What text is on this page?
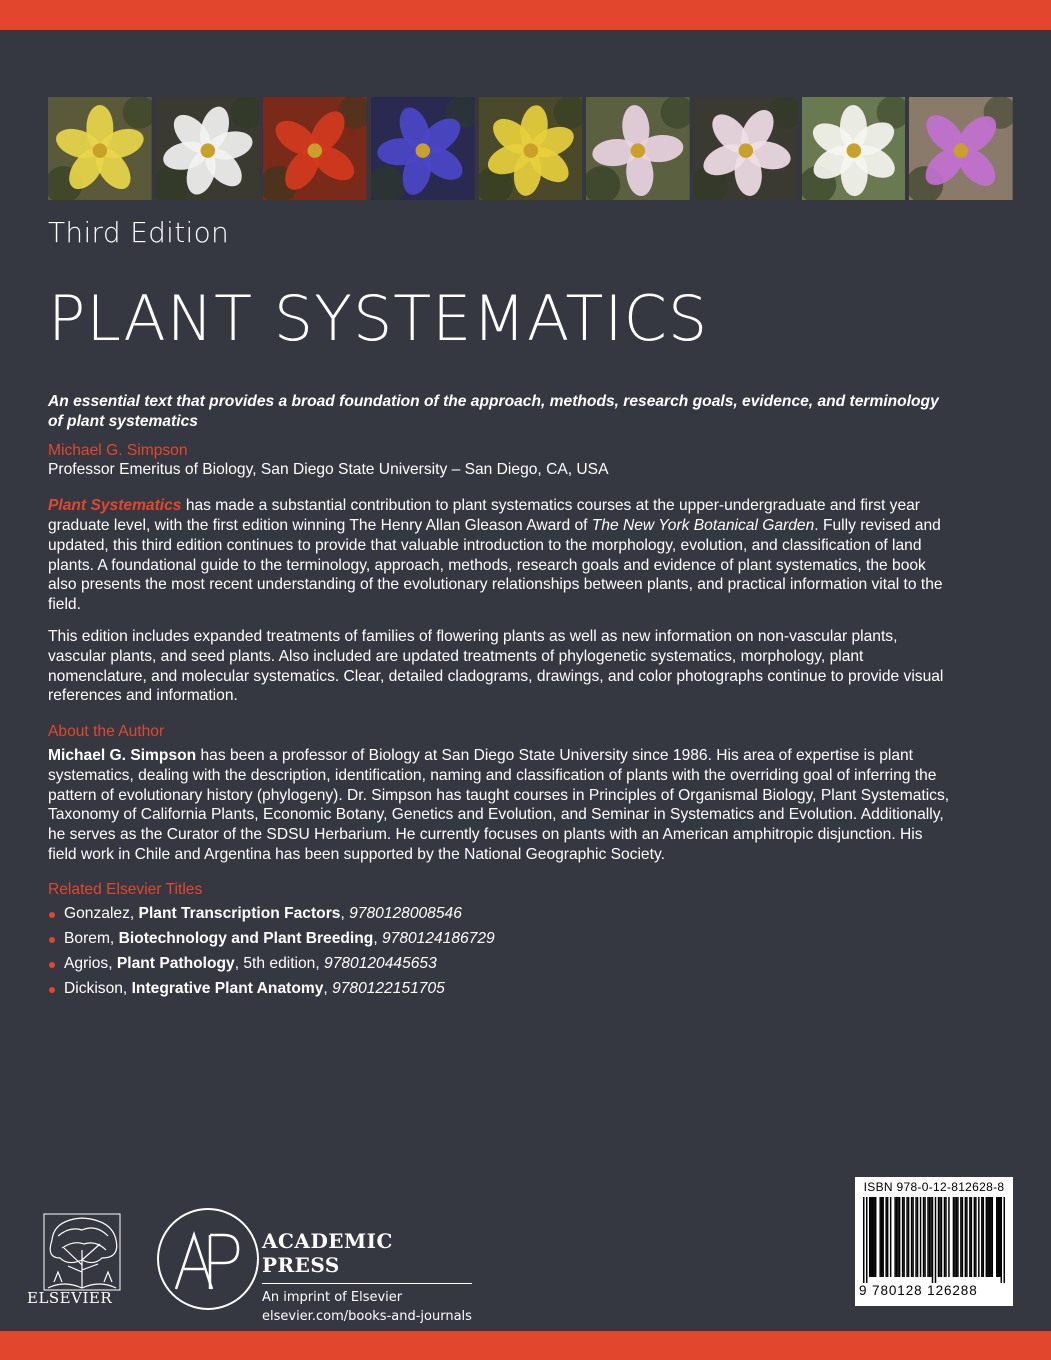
Third Edition
PLANT SYSTEMATICS

An essential text that provides a broad foundation of the approach, methods, research goals, evidence, and terminology of plant systematics

Michael G. Simpson

Professor Emeritus of Biology, San Diego State University – San Diego, CA, USA

Plant Systematics has made a substantial contribution to plant systematics courses at the upper-undergraduate and first year graduate level, with the first edition winning The Henry Allan Gleason Award of The New York Botanical Garden. Fully revised and updated, this third edition continues to provide that valuable introduction to the morphology, evolution, and classification of land plants. A foundational guide to the terminology, approach, methods, research goals and evidence of plant systematics, the book also presents the most recent understanding of the evolutionary relationships between plants, and practical information vital to the field.

This edition includes expanded treatments of families of flowering plants as well as new information on non-vascular plants, vascular plants, and seed plants. Also included are updated treatments of phylogenetic systematics, morphology, plant nomenclature, and molecular systematics. Clear, detailed cladograms, drawings, and color photographs continue to provide visual references and information.

About the Author

Michael G. Simpson has been a professor of Biology at San Diego State University since 1986. His area of expertise is plant systematics, dealing with the description, identification, naming and classification of plants with the overriding goal of inferring the pattern of evolutionary history (phylogeny). Dr. Simpson has taught courses in Principles of Organismal Biology, Plant Systematics, Taxonomy of California Plants, Economic Botany, Genetics and Evolution, and Seminar in Systematics and Evolution. Additionally, he serves as the Curator of the SDSU Herbarium. He currently focuses on plants with an American amphitropic disjunction. His field work in Chile and Argentina has been supported by the National Geographic Society.

Related Elsevier Titles

Gonzalez, Plant Transcription Factors, 9780128008546
Borem, Biotechnology and Plant Breeding, 9780124186729
Agrios, Plant Pathology, 5th edition, 9780120445653
Dickison, Integrative Plant Anatomy, 9780122151705
ELSEVIER
ACADEMIC PRESS
An imprint of Elsevier
elsevier.com/books-and-journals
ISBN 978-0-12-812628-8
9 780128 126288
